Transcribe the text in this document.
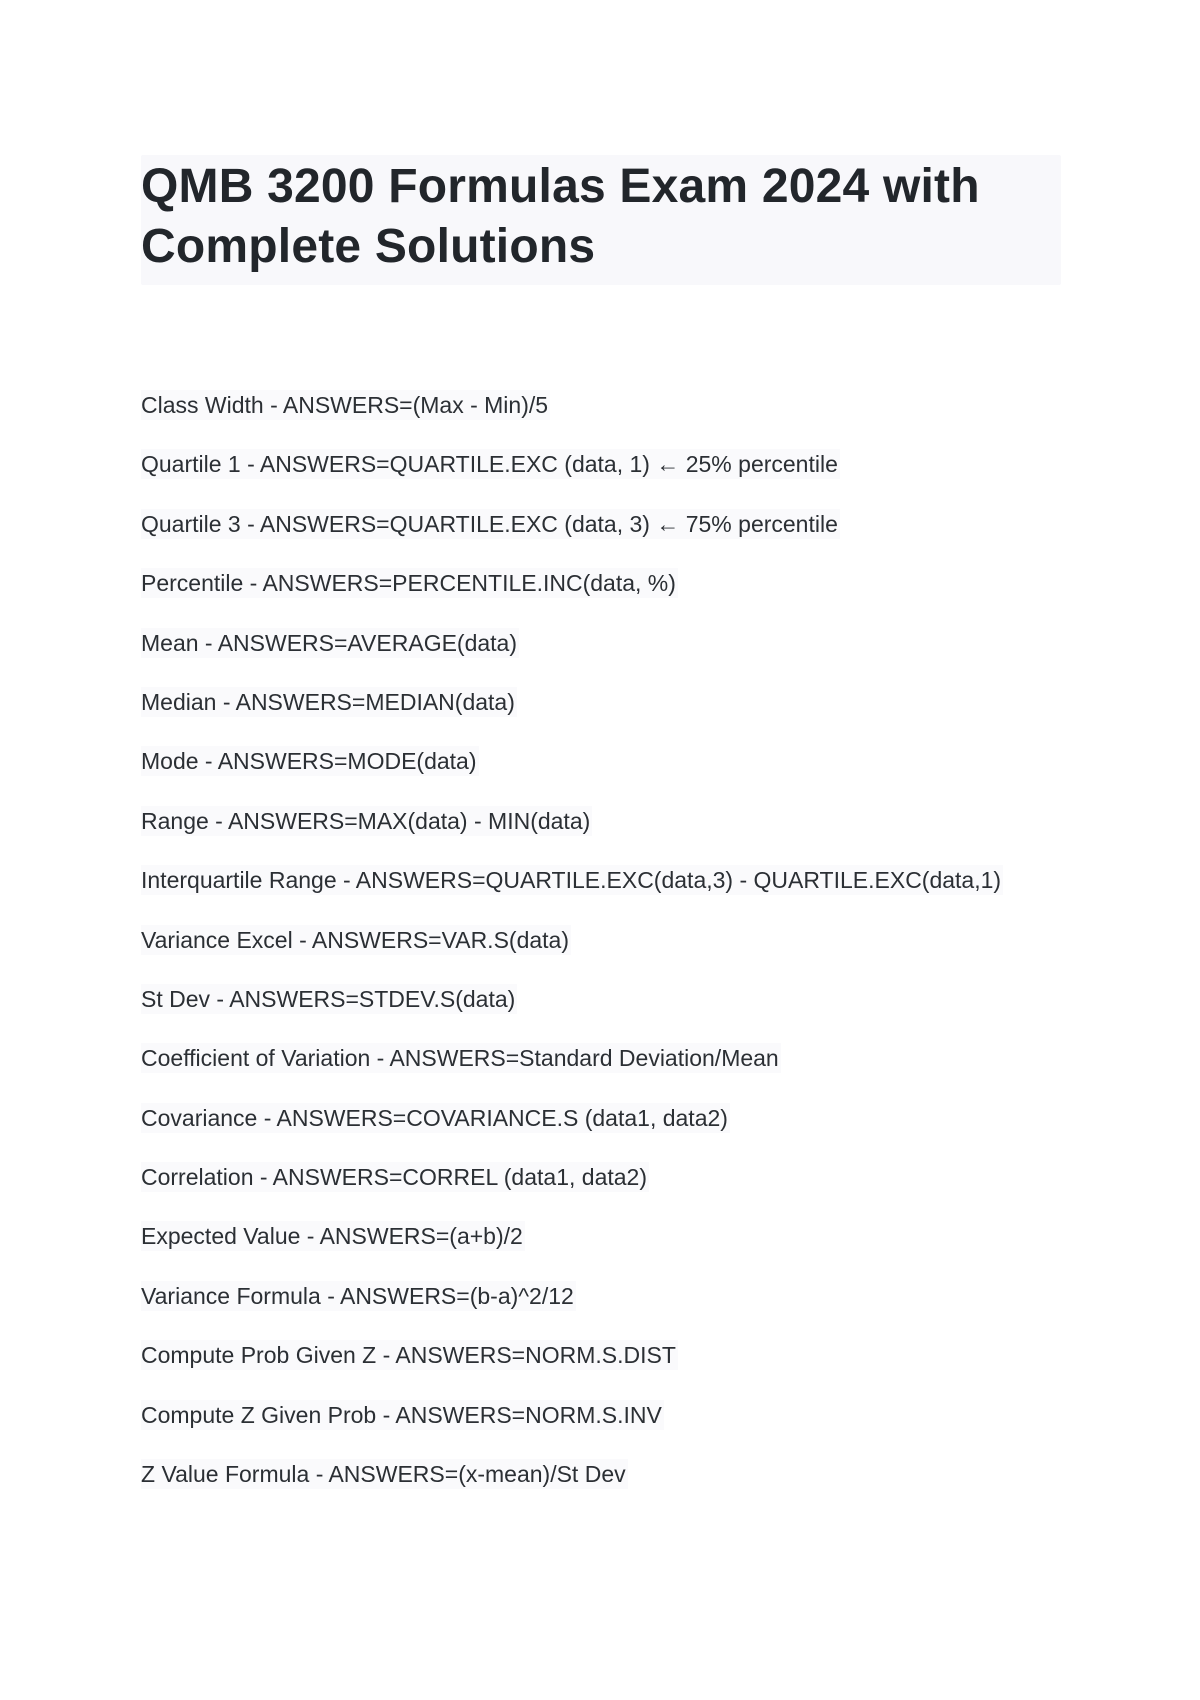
QMB 3200 Formulas Exam 2024 with Complete Solutions
Class Width - ANSWERS=(Max - Min)/5
Quartile 1 - ANSWERS=QUARTILE.EXC (data, 1) ← 25% percentile
Quartile 3 - ANSWERS=QUARTILE.EXC (data, 3) ← 75% percentile
Percentile - ANSWERS=PERCENTILE.INC(data, %)
Mean - ANSWERS=AVERAGE(data)
Median - ANSWERS=MEDIAN(data)
Mode - ANSWERS=MODE(data)
Range - ANSWERS=MAX(data) - MIN(data)
Interquartile Range - ANSWERS=QUARTILE.EXC(data,3) - QUARTILE.EXC(data,1)
Variance Excel - ANSWERS=VAR.S(data)
St Dev - ANSWERS=STDEV.S(data)
Coefficient of Variation - ANSWERS=Standard Deviation/Mean
Covariance - ANSWERS=COVARIANCE.S (data1, data2)
Correlation - ANSWERS=CORREL (data1, data2)
Expected Value - ANSWERS=(a+b)/2
Variance Formula - ANSWERS=(b-a)^2/12
Compute Prob Given Z - ANSWERS=NORM.S.DIST
Compute Z Given Prob - ANSWERS=NORM.S.INV
Z Value Formula - ANSWERS=(x-mean)/St Dev
